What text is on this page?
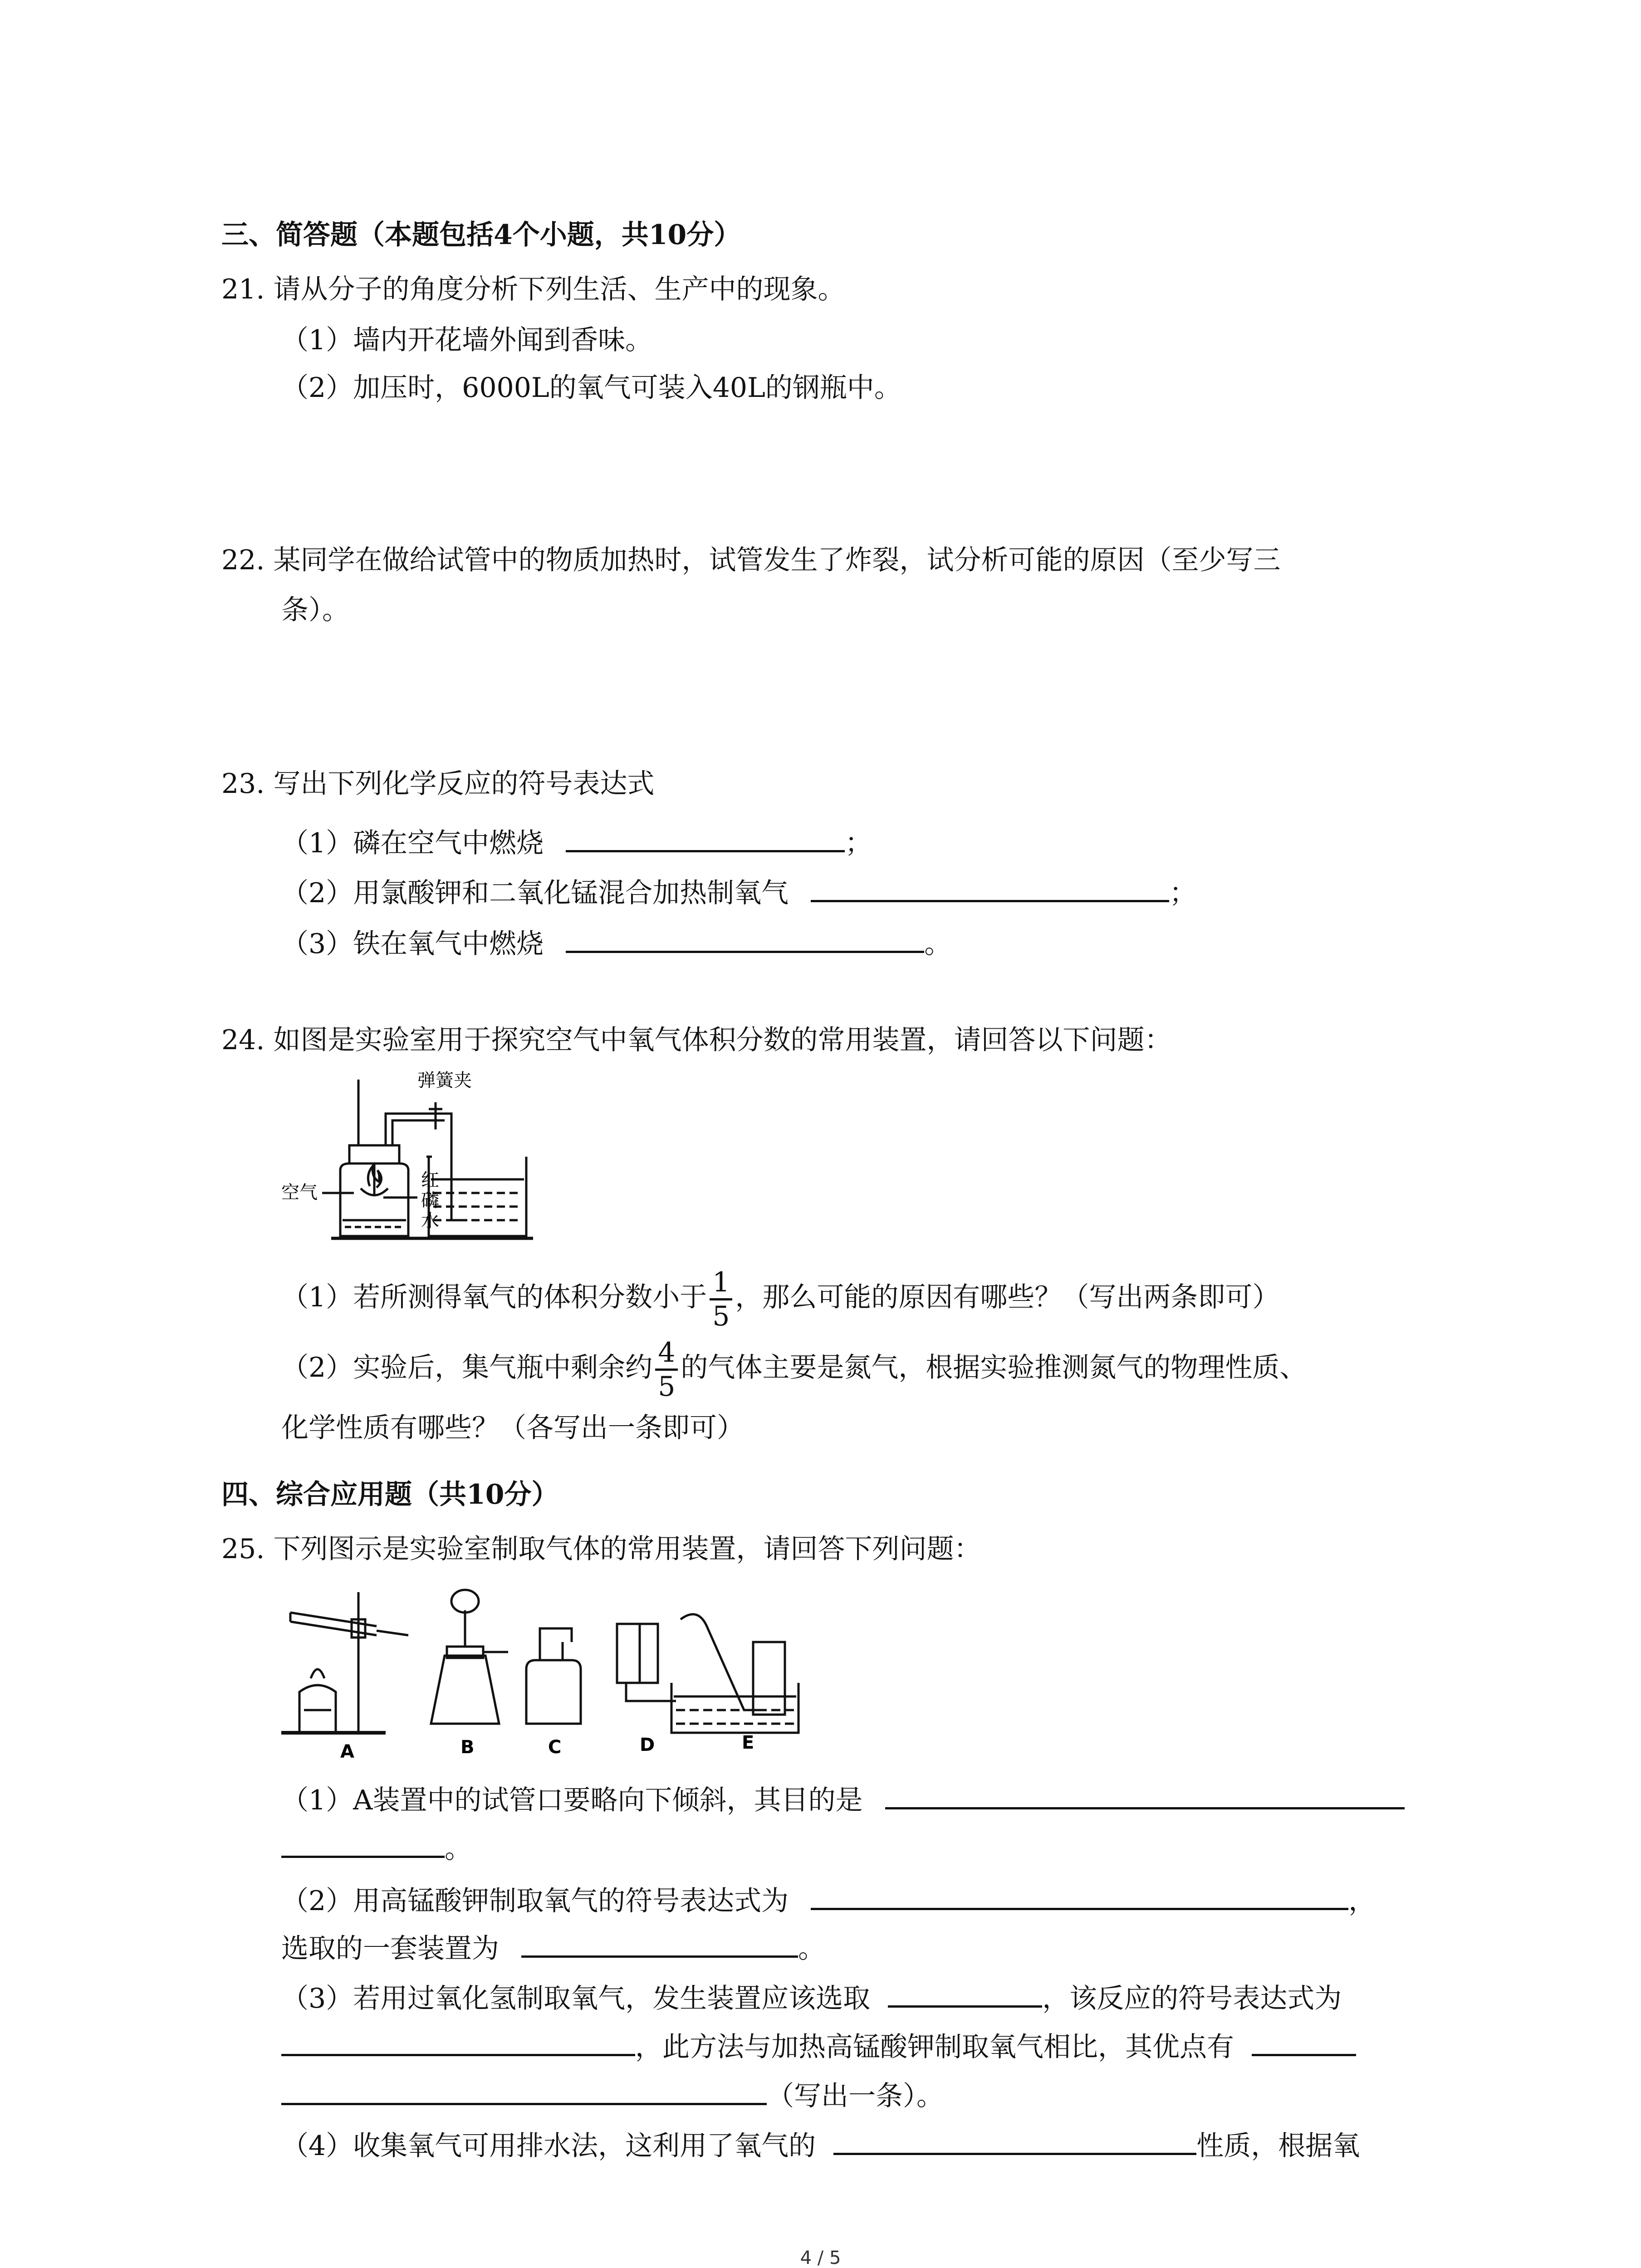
三、简答题（本题包括4个小题，共10分）
21. 请从分子的角度分析下列生活、生产中的现象。
（1）墙内开花墙外闻到香味。
（2）加压时，6000L的氧气可装入40L的钢瓶中。
22. 某同学在做给试管中的物质加热时，试管发生了炸裂，试分析可能的原因（至少写三
条）。
23. 写出下列化学反应的符号表达式
（1）磷在空气中燃烧	；
（2）用氯酸钾和二氧化锰混合加热制氧气	；
（3）铁在氧气中燃烧	。
24. 如图是实验室用于探究空气中氧气体积分数的常用装置，请回答以下问题：
弹簧夹
空气
红
磷
水
（1）若所测得氧气的体积分数小于 $\frac{1}{5}$ ，那么可能的原因有哪些？（写出两条即可）
（2）实验后，集气瓶中剩余约 $\frac{4}{5}$ 的气体主要是氮气，根据实验推测氮气的物理性质、
化学性质有哪些？（各写出一条即可）
四、综合应用题（共10分）
25. 下列图示是实验室制取气体的常用装置，请回答下列问题：
A	B	C	D	E
（1）A装置中的试管口要略向下倾斜，其目的是
。
（2）用高锰酸钾制取氧气的符号表达式为	，
选取的一套装置为	。
（3）若用过氧化氢制取氧气，发生装置应该选取	，该反应的符号表达式为
，此方法与加热高锰酸钾制取氧气相比，其优点有
（写出一条）。
（4）收集氧气可用排水法，这利用了氧气的	性质，根据氧
4 / 5
